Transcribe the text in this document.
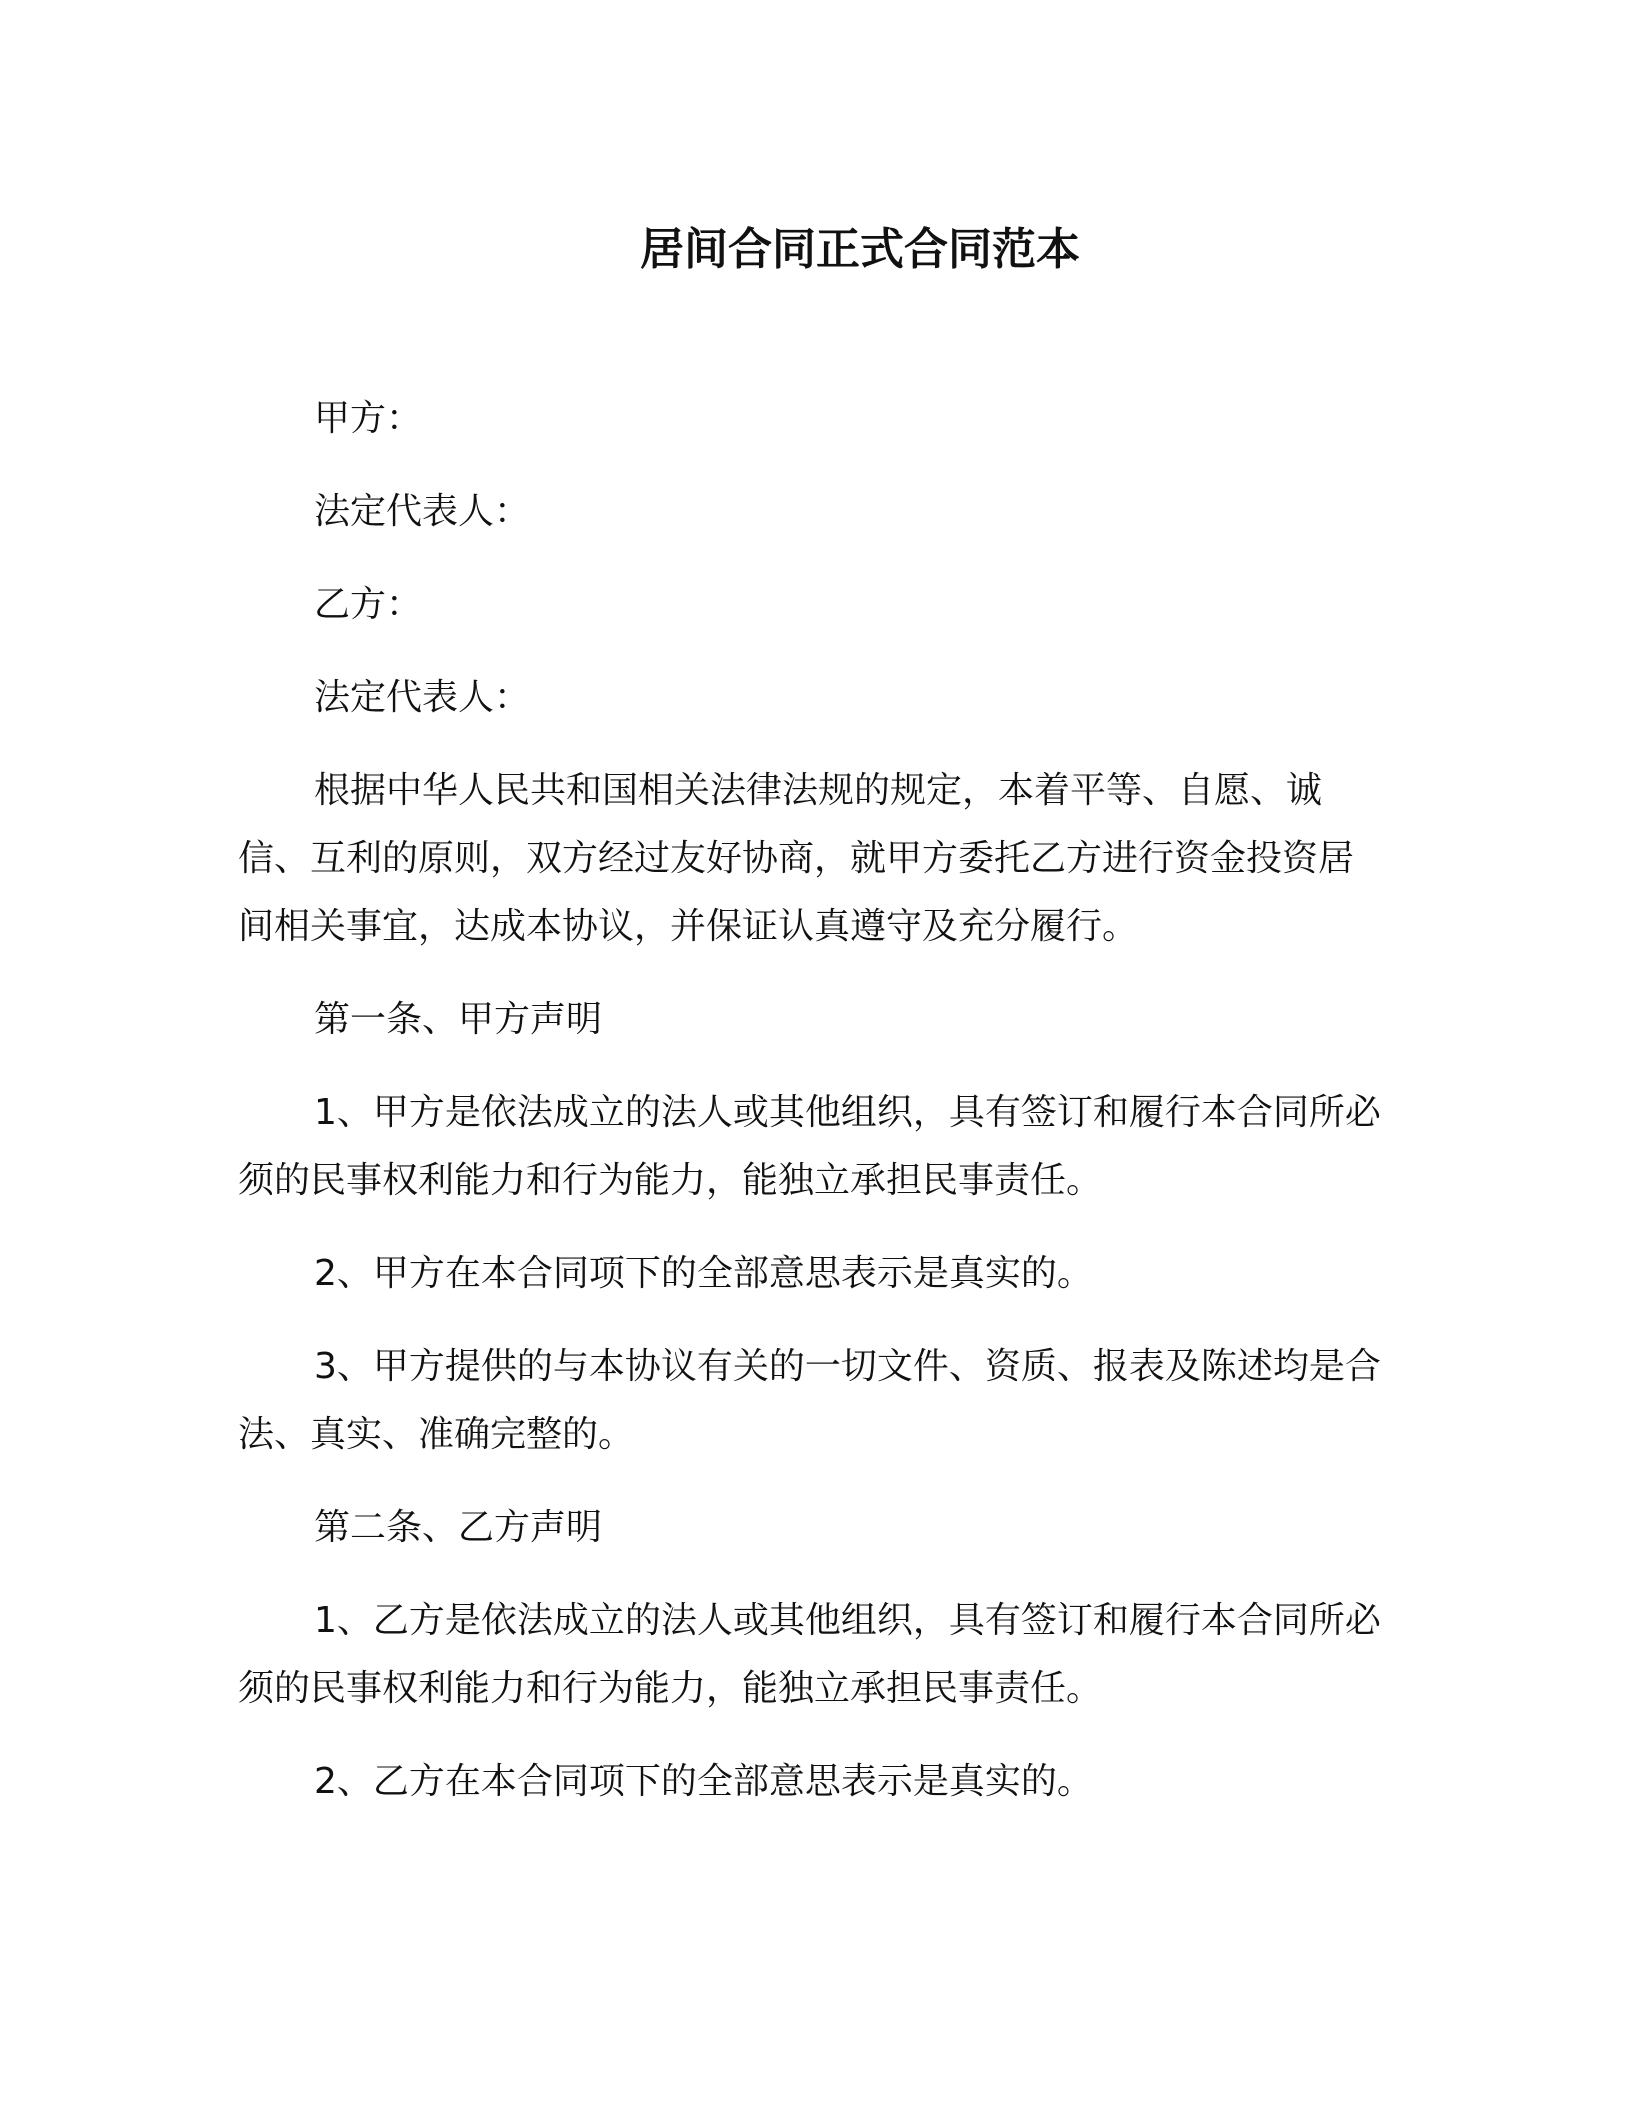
居间合同正式合同范本

甲方：

法定代表人：

乙方：

法定代表人：

根据中华人民共和国相关法律法规的规定，本着平等、自愿、诚信、互利的原则，双方经过友好协商，就甲方委托乙方进行资金投资居间相关事宜，达成本协议，并保证认真遵守及充分履行。

第一条、甲方声明

1、甲方是依法成立的法人或其他组织，具有签订和履行本合同所必须的民事权利能力和行为能力，能独立承担民事责任。

2、甲方在本合同项下的全部意思表示是真实的。

3、甲方提供的与本协议有关的一切文件、资质、报表及陈述均是合法、真实、准确完整的。

第二条、乙方声明

1、乙方是依法成立的法人或其他组织，具有签订和履行本合同所必须的民事权利能力和行为能力，能独立承担民事责任。

2、乙方在本合同项下的全部意思表示是真实的。
